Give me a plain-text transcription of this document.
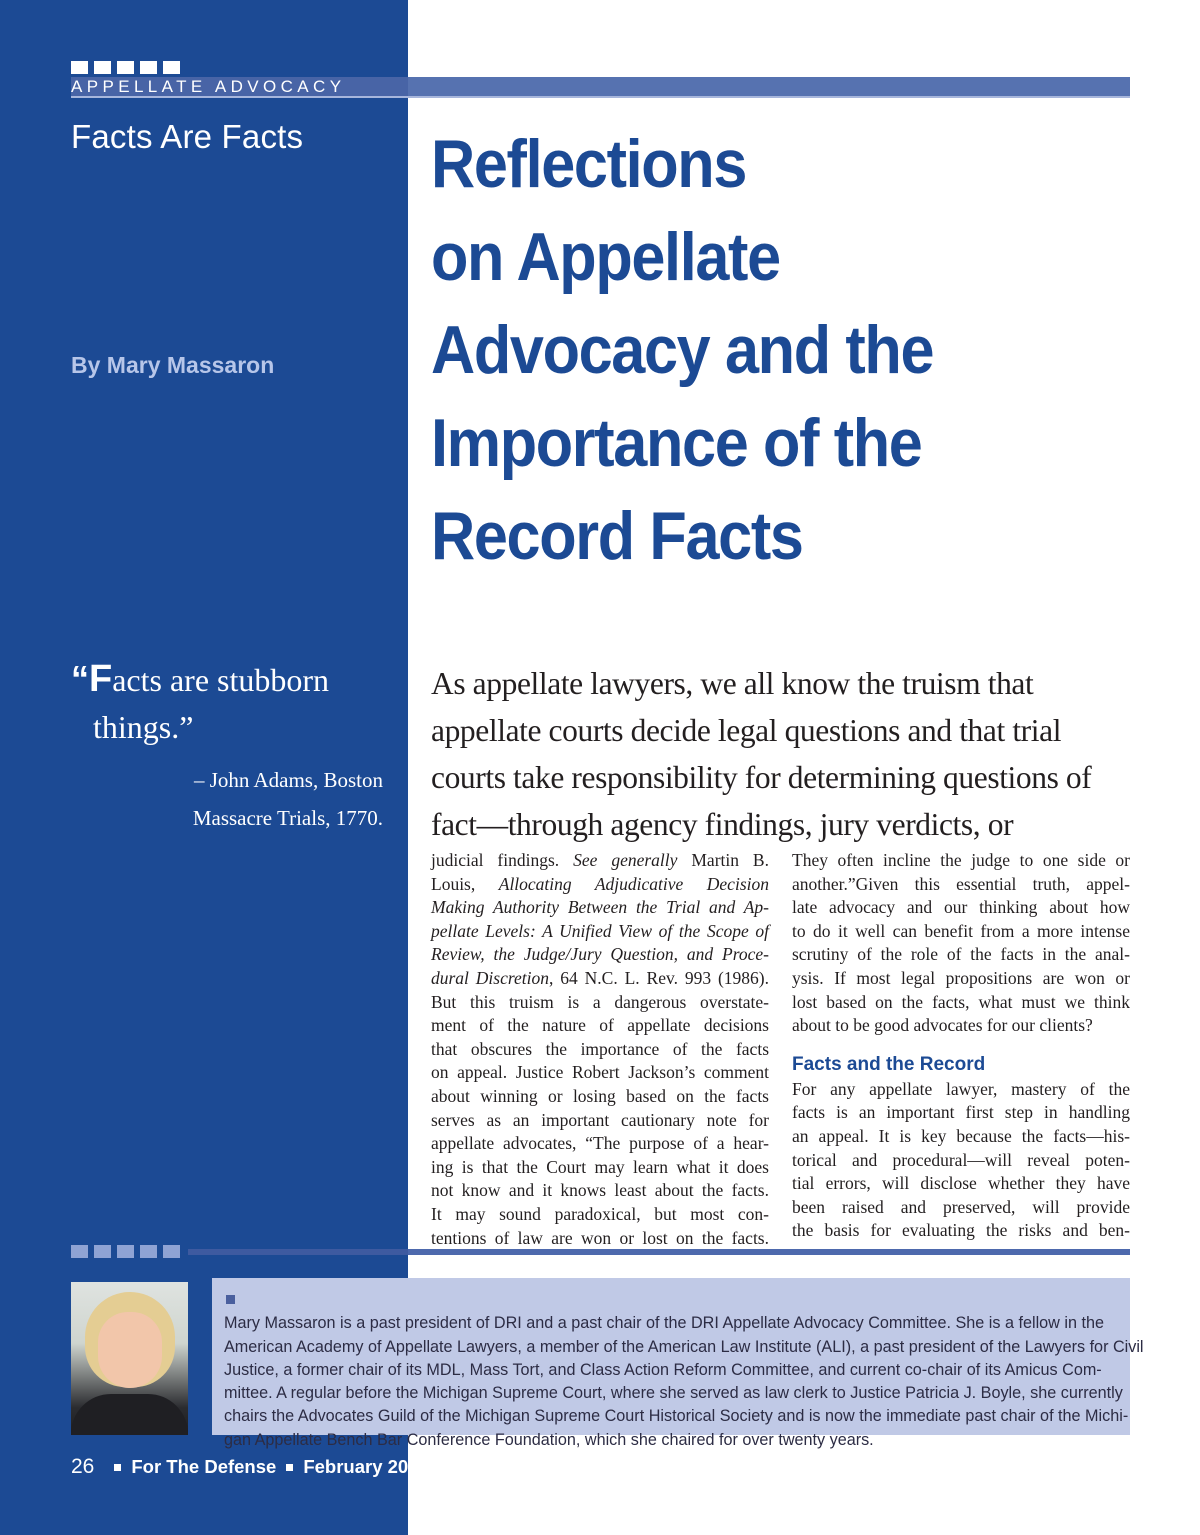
APPELLATE ADVOCACY
Facts Are Facts
By Mary Massaron
Reflections
on Appellate
Advocacy and the
Importance of the
Record Facts
“Facts are stubborn
things.”
– John Adams, Boston
Massacre Trials, 1770.
As appellate lawyers, we all know the truism that
appellate courts decide legal questions and that trial
courts take responsibility for determining questions of
fact—through agency findings, jury verdicts, or
judicial findings. See generally Martin B.
Louis, Allocating Adjudicative Decision
Making Authority Between the Trial and Ap-
pellate Levels: A Unified View of the Scope of
Review, the Judge/Jury Question, and Proce-
dural Discretion, 64 N.C. L. Rev. 993 (1986).
But this truism is a dangerous overstate-
ment of the nature of appellate decisions
that obscures the importance of the facts
on appeal. Justice Robert Jackson’s comment
about winning or losing based on the facts
serves as an important cautionary note for
appellate advocates, “The purpose of a hear-
ing is that the Court may learn what it does
not know and it knows least about the facts.
It may sound paradoxical, but most con-
tentions of law are won or lost on the facts.
They often incline the judge to one side or
another.”Given this essential truth, appel-
late advocacy and our thinking about how
to do it well can benefit from a more intense
scrutiny of the role of the facts in the anal-
ysis. If most legal propositions are won or
lost based on the facts, what must we think
about to be good advocates for our clients?
Facts and the Record
For any appellate lawyer, mastery of the
facts is an important first step in handling
an appeal. It is key because the facts—his-
torical and procedural—will reveal poten-
tial errors, will disclose whether they have
been raised and preserved, will provide
the basis for evaluating the risks and ben-
Mary Massaron is a past president of DRI and a past chair of the DRI Appellate Advocacy Committee. She is a fellow in the
American Academy of Appellate Lawyers, a member of the American Law Institute (ALI), a past president of the Lawyers for Civil
Justice, a former chair of its MDL, Mass Tort, and Class Action Reform Committee, and current co-chair of its Amicus Com-
mittee. A regular before the Michigan Supreme Court, where she served as law clerk to Justice Patricia J. Boyle, she currently
chairs the Advocates Guild of the Michigan Supreme Court Historical Society and is now the immediate past chair of the Michi-
gan Appellate Bench Bar Conference Foundation, which she chaired for over twenty years.
26 For The Defense February 2020
